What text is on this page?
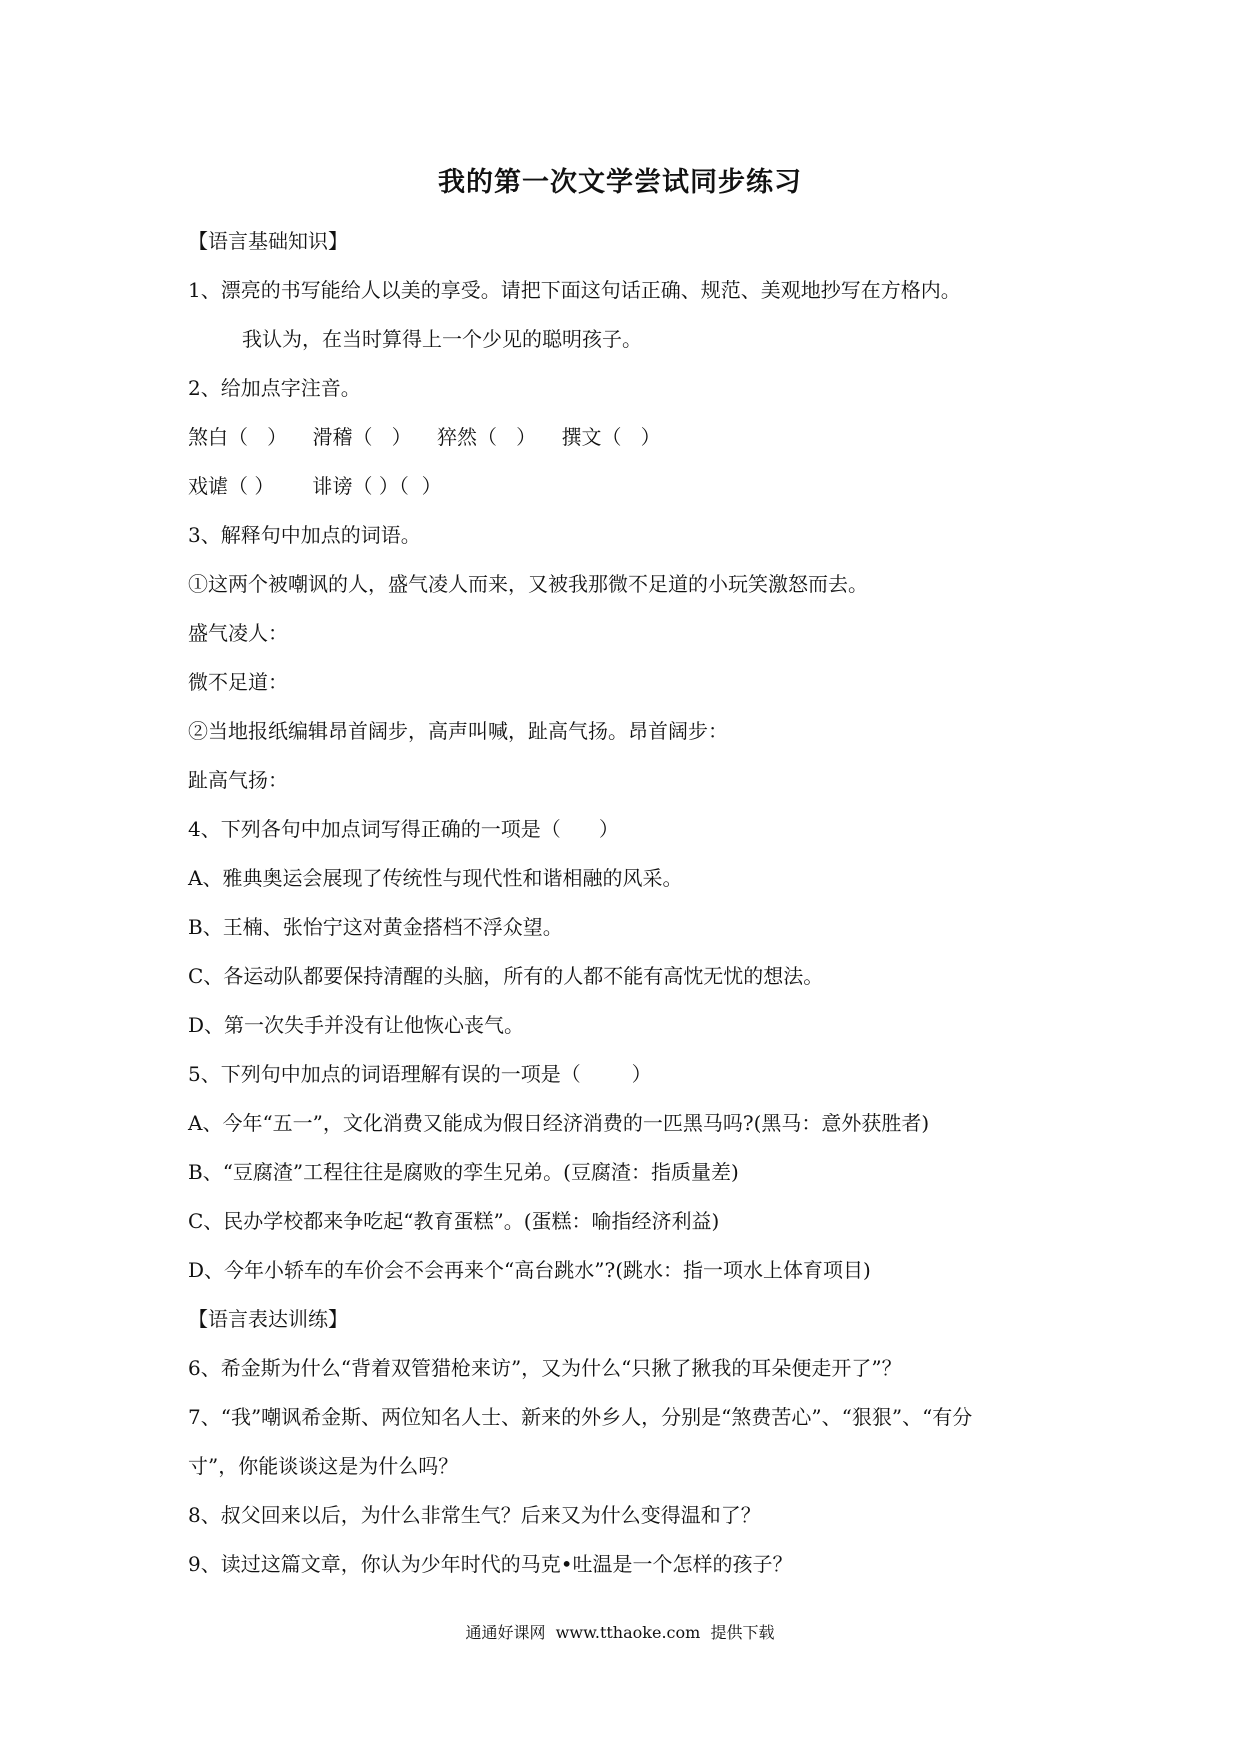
我的第一次文学尝试同步练习
【语言基础知识】
1、漂亮的书写能给人以美的享受。请把下面这句话正确、规范、美观地抄写在方格内。
我认为，在当时算得上一个少见的聪明孩子。
2、给加点字注音。
煞白（   ）    滑稽（   ）    猝然（   ）    撰文（   ）
戏谑（ ）      诽谤（ ）（  ）
3、解释句中加点的词语。
①这两个被嘲讽的人，盛气凌人而来，又被我那微不足道的小玩笑激怒而去。
盛气凌人：
微不足道：
②当地报纸编辑昂首阔步，高声叫喊，趾高气扬。昂首阔步：
趾高气扬：
4、下列各句中加点词写得正确的一项是（      ）
A、雅典奥运会展现了传统性与现代性和谐相融的风采。
B、王楠、张怡宁这对黄金搭档不浮众望。
C、各运动队都要保持清醒的头脑，所有的人都不能有高忱无忧的想法。
D、第一次失手并没有让他恢心丧气。
5、下列句中加点的词语理解有误的一项是（        ）
A、今年“五一”，文化消费又能成为假日经济消费的一匹黑马吗?(黑马：意外获胜者)
B、“豆腐渣”工程往往是腐败的孪生兄弟。(豆腐渣：指质量差)
C、民办学校都来争吃起“教育蛋糕”。(蛋糕：喻指经济利益)
D、今年小轿车的车价会不会再来个“高台跳水”?(跳水：指一项水上体育项目)
【语言表达训练】
6、希金斯为什么“背着双管猎枪来访”，又为什么“只揪了揪我的耳朵便走开了”？
7、“我”嘲讽希金斯、两位知名人士、新来的外乡人，分别是“煞费苦心”、“狠狠”、“有分
寸”，你能谈谈这是为什么吗？
8、叔父回来以后，为什么非常生气？后来又为什么变得温和了？
9、读过这篇文章，你认为少年时代的马克•吐温是一个怎样的孩子？
通通好课网  www.tthaoke.com  提供下载
